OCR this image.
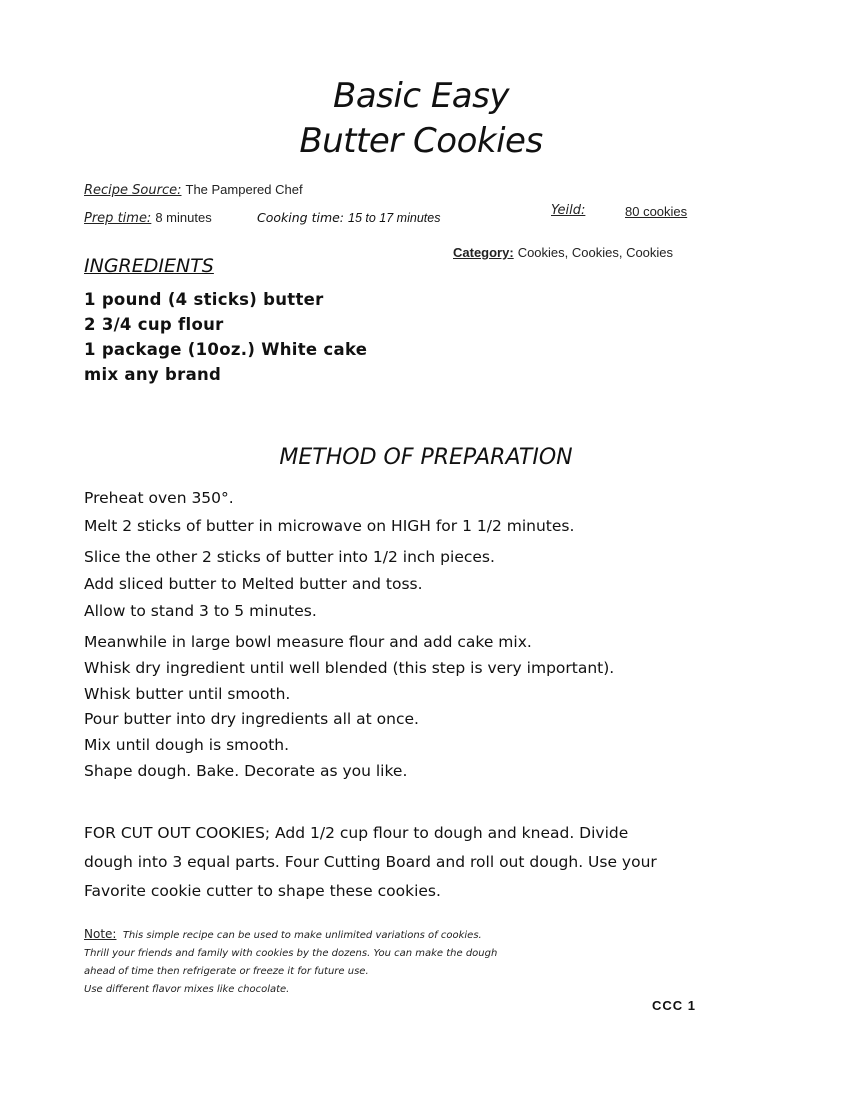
Basic Easy
Butter Cookies
Recipe Source: The Pampered Chef
Prep time: 8 minutes	Cooking time: 15 to 17 minutes	Yeild:	80 cookies
Category: Cookies, Cookies, Cookies
INGREDIENTS
1 pound (4 sticks) butter
2 3/4 cup flour
1 package (10oz.) White cake
mix any brand
METHOD OF PREPARATION
Preheat oven 350°.
Melt 2 sticks of butter in microwave on HIGH for 1 1/2 minutes.
Slice the other 2 sticks of butter into 1/2 inch pieces.
Add sliced butter to Melted butter and toss.
Allow to stand 3 to 5 minutes.
Meanwhile in large bowl measure flour and add cake mix.
Whisk dry ingredient until well blended (this step is very important).
Whisk butter until smooth.
Pour butter into dry ingredients all at once.
Mix until dough is smooth.
Shape dough. Bake. Decorate as you like.
FOR CUT OUT COOKIES; Add 1/2 cup flour to dough and knead. Divide
dough into 3 equal parts. Four Cutting Board and roll out dough. Use your
Favorite cookie cutter to shape these cookies.
Note: This simple recipe can be used to make unlimited variations of cookies.
Thrill your friends and family with cookies by the dozens. You can make the dough
ahead of time then refrigerate or freeze it for future use.
Use different flavor mixes like chocolate.
CCC 1
